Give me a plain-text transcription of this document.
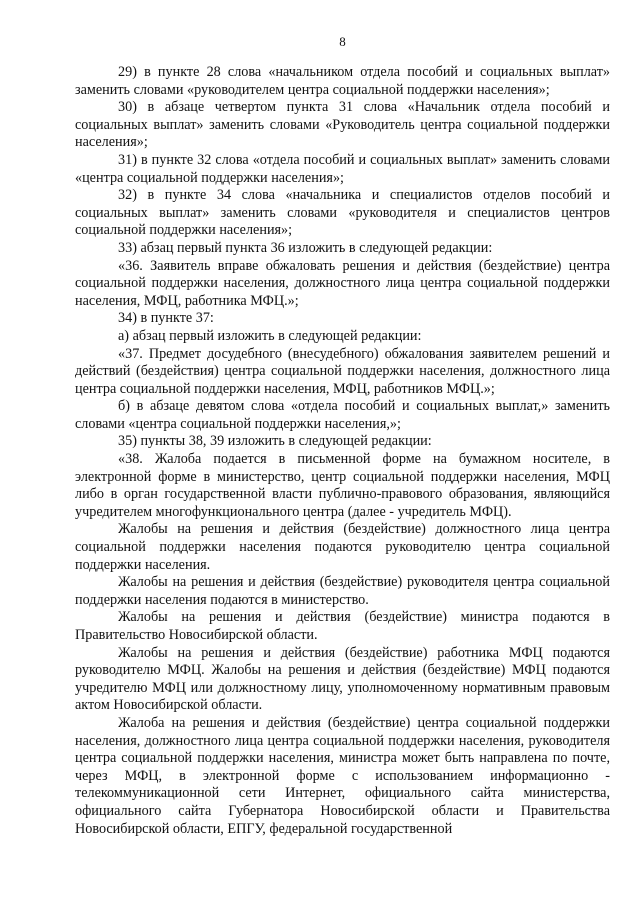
8

29) в пункте 28 слова «начальником отдела пособий и социальных выплат» заменить словами «руководителем центра социальной поддержки населения»;

30) в абзаце четвертом пункта 31 слова «Начальник отдела пособий и социальных выплат» заменить словами «Руководитель центра социальной поддержки населения»;

31) в пункте 32 слова «отдела пособий и социальных выплат» заменить словами «центра социальной поддержки населения»;

32) в пункте 34 слова «начальника и специалистов отделов пособий и социальных выплат» заменить словами «руководителя и специалистов центров социальной поддержки населения»;

33) абзац первый пункта 36 изложить в следующей редакции:

«36. Заявитель вправе обжаловать решения и действия (бездействие) центра социальной поддержки населения, должностного лица центра социальной поддержки населения, МФЦ, работника МФЦ.»;

34) в пункте 37:

а) абзац первый изложить в следующей редакции:

«37. Предмет досудебного (внесудебного) обжалования заявителем решений и действий (бездействия) центра социальной поддержки населения, должностного лица центра социальной поддержки населения, МФЦ, работников МФЦ.»;

б) в абзаце девятом слова «отдела пособий и социальных выплат,» заменить словами «центра социальной поддержки населения,»;

35) пункты 38, 39 изложить в следующей редакции:

«38. Жалоба подается в письменной форме на бумажном носителе, в электронной форме в министерство, центр социальной поддержки населения, МФЦ либо в орган государственной власти публично-правового образования, являющийся учредителем многофункционального центра (далее - учредитель МФЦ).

Жалобы на решения и действия (бездействие) должностного лица центра социальной поддержки населения подаются руководителю центра социальной поддержки населения.

Жалобы на решения и действия (бездействие) руководителя центра социальной поддержки населения подаются в министерство.

Жалобы на решения и действия (бездействие) министра подаются в Правительство Новосибирской области.

Жалобы на решения и действия (бездействие) работника МФЦ подаются руководителю МФЦ. Жалобы на решения и действия (бездействие) МФЦ подаются учредителю МФЦ или должностному лицу, уполномоченному нормативным правовым актом Новосибирской области.

Жалоба на решения и действия (бездействие) центра социальной поддержки населения, должностного лица центра социальной поддержки населения, руководителя центра социальной поддержки населения, министра может быть направлена по почте, через МФЦ, в электронной форме с использованием информационно - телекоммуникационной сети Интернет, официального сайта министерства, официального сайта Губернатора Новосибирской области и Правительства Новосибирской области, ЕПГУ, федеральной государственной
